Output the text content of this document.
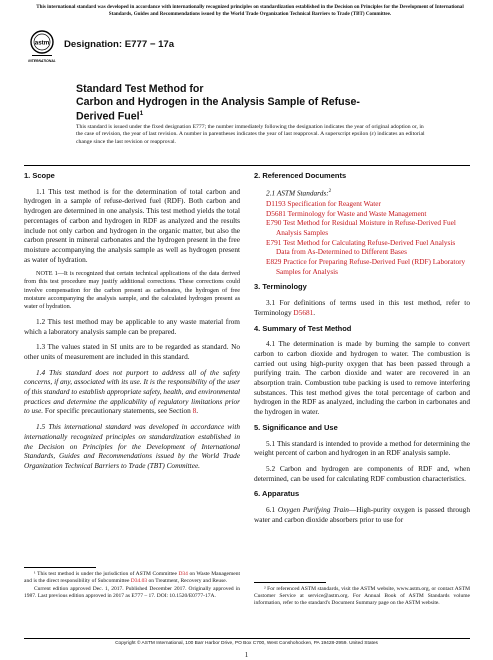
This international standard was developed in accordance with internationally recognized principles on standardization established in the Decision on Principles for the Development of International Standards, Guides and Recommendations issued by the World Trade Organization Technical Barriers to Trade (TBT) Committee.
astm
INTERNATIONAL
Designation: E777 − 17a
Standard Test Method for
Carbon and Hydrogen in the Analysis Sample of Refuse-
Derived Fuel$^1$
This standard is issued under the fixed designation E777; the number immediately following the designation indicates the year of original adoption or, in the case of revision, the year of last revision. A number in parentheses indicates the year of last reapproval. A superscript epsilon (ε) indicates an editorial change since the last revision or reapproval.
1. Scope

1.1 This test method is for the determination of total carbon and hydrogen in a sample of refuse-derived fuel (RDF). Both carbon and hydrogen are determined in one analysis. This test method yields the total percentages of carbon and hydrogen in RDF as analyzed and the results include not only carbon and hydrogen in the organic matter, but also the carbon present in mineral carbonates and the hydrogen present in the free moisture accompanying the analysis sample as well as hydrogen present as water of hydration.

NOTE 1—It is recognized that certain technical applications of the data derived from this test procedure may justify additional corrections. These corrections could involve compensation for the carbon present as carbonates, the hydrogen of free moisture accompanying the analysis sample, and the calculated hydrogen present as water of hydration.

1.2 This test method may be applicable to any waste material from which a laboratory analysis sample can be prepared.

1.3 The values stated in SI units are to be regarded as standard. No other units of measurement are included in this standard.

1.4 This standard does not purport to address all of the safety concerns, if any, associated with its use. It is the responsibility of the user of this standard to establish appropriate safety, health, and environmental practices and determine the applicability of regulatory limitations prior to use. For specific precautionary statements, see Section 8.

1.5 This international standard was developed in accordance with internationally recognized principles on standardization established in the Decision on Principles for the Development of International Standards, Guides and Recommendations issued by the World Trade Organization Technical Barriers to Trade (TBT) Committee.

¹ This test method is under the jurisdiction of ASTM Committee D34 on Waste Management and is the direct responsibility of Subcommittee D34.03 on Treatment, Recovery and Reuse.

Current edition approved Dec. 1, 2017. Published December 2017. Originally approved in 1987. Last previous edition approved in 2017 as E777 – 17. DOI: 10.1520/E0777-17A.

2. Referenced Documents
2.1 ASTM Standards:$^2$
D1193 Specification for Reagent Water
D5681 Terminology for Waste and Waste Management
E790 Test Method for Residual Moisture in Refuse-Derived Fuel Analysis Samples
E791 Test Method for Calculating Refuse-Derived Fuel Analysis Data from As-Determined to Different Bases
E829 Practice for Preparing Refuse-Derived Fuel (RDF) Laboratory Samples for Analysis
3. Terminology

3.1 For definitions of terms used in this test method, refer to Terminology D5681.

4. Summary of Test Method

4.1 The determination is made by burning the sample to convert carbon to carbon dioxide and hydrogen to water. The combustion is carried out using high-purity oxygen that has been passed through a purifying train. The carbon dioxide and water are recovered in an absorption train. Combustion tube packing is used to remove interfering substances. This test method gives the total percentage of carbon and hydrogen in the RDF as analyzed, including the carbon in carbonates and the hydrogen in water.

5. Significance and Use

5.1 This standard is intended to provide a method for determining the weight percent of carbon and hydrogen in an RDF analysis sample.

5.2 Carbon and hydrogen are components of RDF and, when determined, can be used for calculating RDF combustion characteristics.

6. Apparatus

6.1 Oxygen Purifying Train—High-purity oxygen is passed through water and carbon dioxide absorbers prior to use for

² For referenced ASTM standards, visit the ASTM website, www.astm.org, or contact ASTM Customer Service at service@astm.org. For Annual Book of ASTM Standards volume information, refer to the standard's Document Summary page on the ASTM website.

Copyright © ASTM International, 100 Barr Harbor Drive, PO Box C700, West Conshohocken, PA 19428-2959. United States
1
